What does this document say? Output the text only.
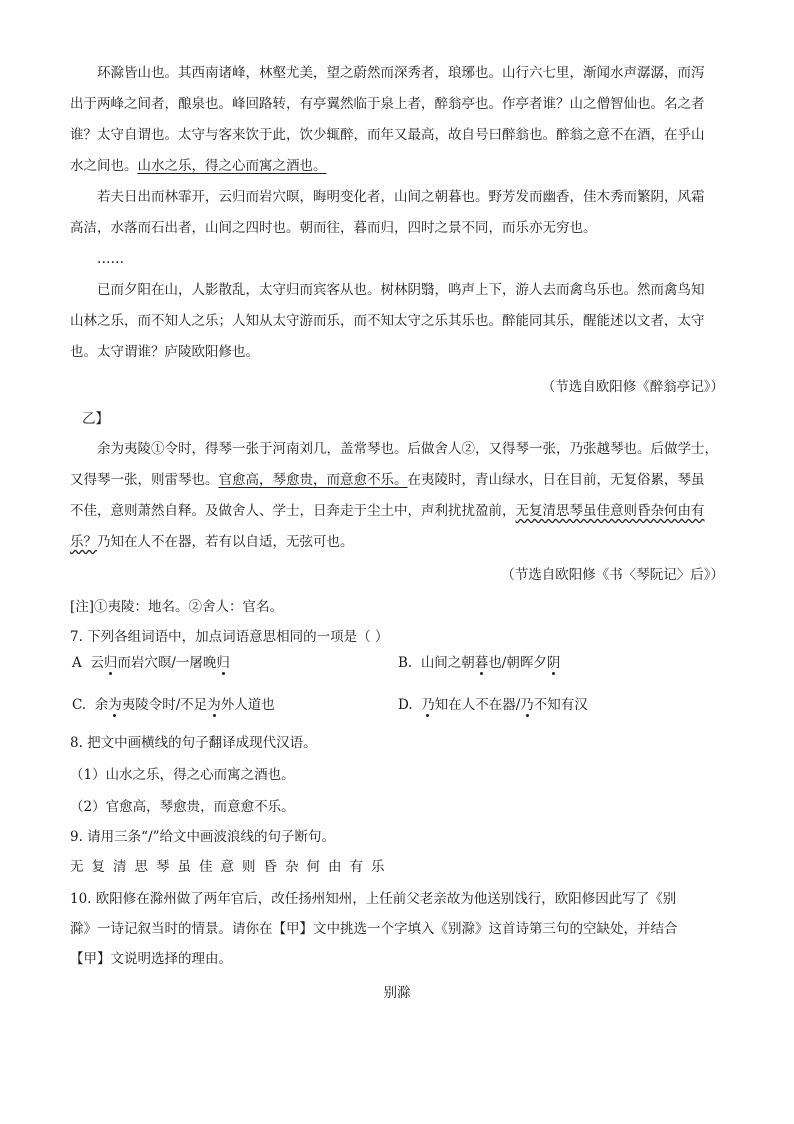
环滁皆山也。其西南诸峰，林壑尤美，望之蔚然而深秀者，琅琊也。山行六七里，渐闻水声潺潺，而泻
出于两峰之间者，酿泉也。峰回路转，有亭翼然临于泉上者，醉翁亭也。作亭者谁？山之僧智仙也。名之者
谁？太守自谓也。太守与客来饮于此，饮少辄醉，而年又最高，故自号曰醉翁也。醉翁之意不在酒，在乎山
水之间也。山水之乐，得之心而寓之酒也。
若夫日出而林霏开，云归而岩穴暝，晦明变化者，山间之朝暮也。野芳发而幽香，佳木秀而繁阴，风霜
高洁，水落而石出者，山间之四时也。朝而往，暮而归，四时之景不同，而乐亦无穷也。
……
已而夕阳在山，人影散乱，太守归而宾客从也。树林阴翳，鸣声上下，游人去而禽鸟乐也。然而禽鸟知
山林之乐，而不知人之乐；人知从太守游而乐，而不知太守之乐其乐也。醉能同其乐，醒能述以文者，太守
也。太守谓谁？庐陵欧阳修也。
（节选自欧阳修《醉翁亭记》）
乙】
余为夷陵①令时，得琴一张于河南刘几，盖常琴也。后做舍人②，又得琴一张，乃张越琴也。后做学士，
又得琴一张，则雷琴也。官愈高，琴愈贵，而意愈不乐。在夷陵时，青山绿水，日在目前，无复俗累，琴虽
不佳，意则萧然自释。及做舍人、学士，日奔走于尘土中，声利扰扰盈前，无复清思琴虽佳意则昏杂何由有
乐？乃知在人不在器，若有以自适，无弦可也。
（节选自欧阳修《书〈琴阮记〉后》）
[注]①夷陵：地名。②舍人：官名。
7. 下列各组词语中，加点词语意思相同的一项是（ ）
A 云归而岩穴暝/一屠晚归	B. 山间之朝暮也/朝晖夕阴
C. 余为夷陵令时/不足为外人道也	D. 乃知在人不在器/乃不知有汉
8. 把文中画横线的句子翻译成现代汉语。
（1）山水之乐，得之心而寓之酒也。
（2）官愈高，琴愈贵，而意愈不乐。
9. 请用三条“/”给文中画波浪线的句子断句。
无复清思琴虽佳意则昏杂何由有乐
10. 欧阳修在滁州做了两年官后，改任扬州知州，上任前父老亲故为他送别饯行，欧阳修因此写了《别
滁》一诗记叙当时的情景。请你在【甲】文中挑选一个字填入《别滁》这首诗第三句的空缺处，并结合
【甲】文说明选择的理由。
别滁
